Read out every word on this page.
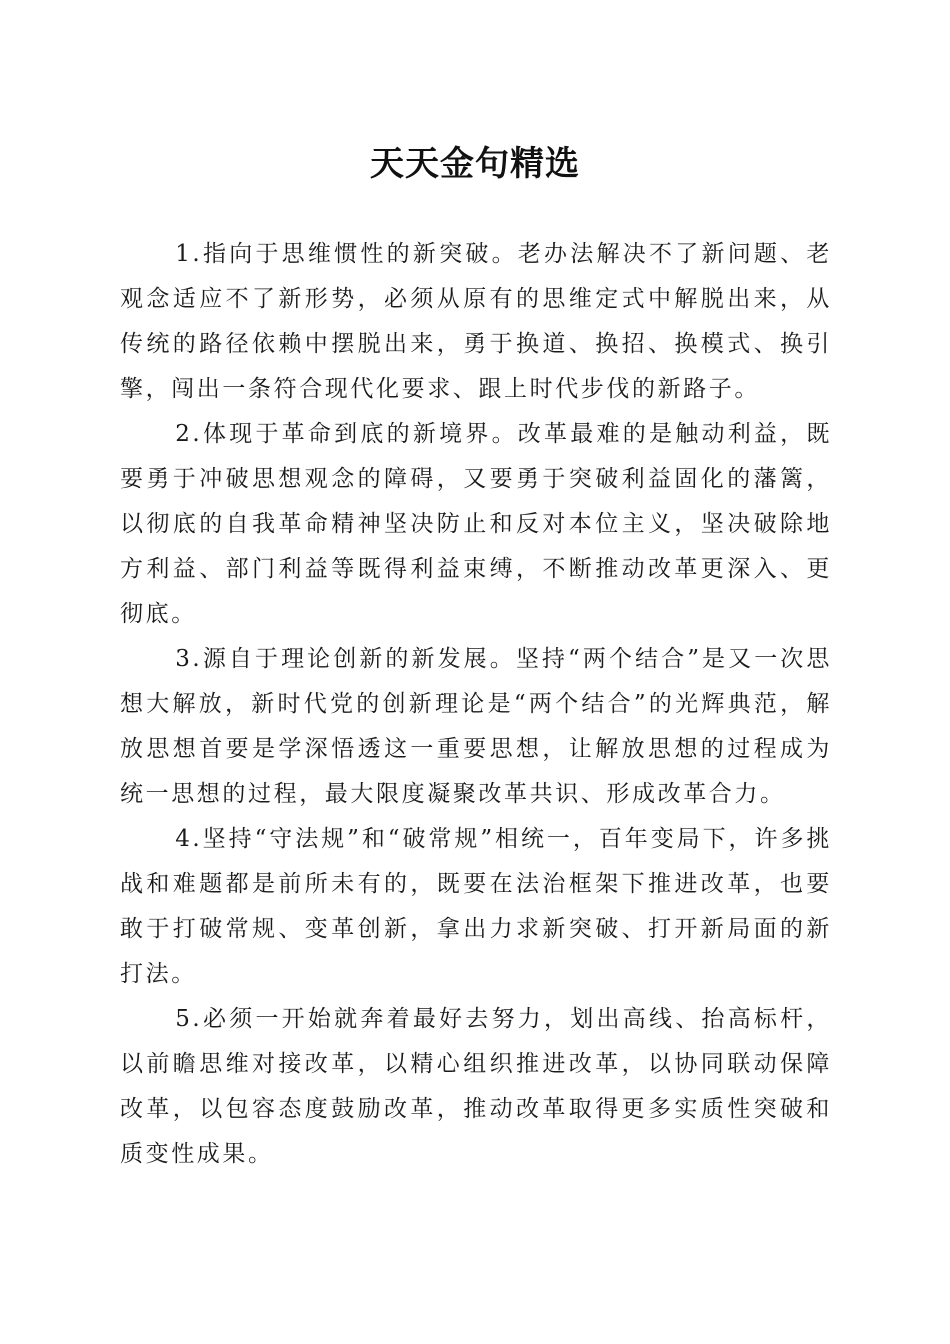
天天金句精选

1.指向于思维惯性的新突破。老办法解决不了新问题、老观念适应不了新形势，必须从原有的思维定式中解脱出来，从传统的路径依赖中摆脱出来，勇于换道、换招、换模式、换引擎，闯出一条符合现代化要求、跟上时代步伐的新路子。

2.体现于革命到底的新境界。改革最难的是触动利益，既要勇于冲破思想观念的障碍，又要勇于突破利益固化的藩篱，以彻底的自我革命精神坚决防止和反对本位主义，坚决破除地方利益、部门利益等既得利益束缚，不断推动改革更深入、更彻底。

3.源自于理论创新的新发展。坚持“两个结合”是又一次思想大解放，新时代党的创新理论是“两个结合”的光辉典范，解放思想首要是学深悟透这一重要思想，让解放思想的过程成为统一思想的过程，最大限度凝聚改革共识、形成改革合力。

4.坚持“守法规”和“破常规”相统一，百年变局下，许多挑战和难题都是前所未有的，既要在法治框架下推进改革，也要敢于打破常规、变革创新，拿出力求新突破、打开新局面的新打法。

5.必须一开始就奔着最好去努力，划出高线、抬高标杆，以前瞻思维对接改革，以精心组织推进改革，以协同联动保障改革，以包容态度鼓励改革，推动改革取得更多实质性突破和质变性成果。
